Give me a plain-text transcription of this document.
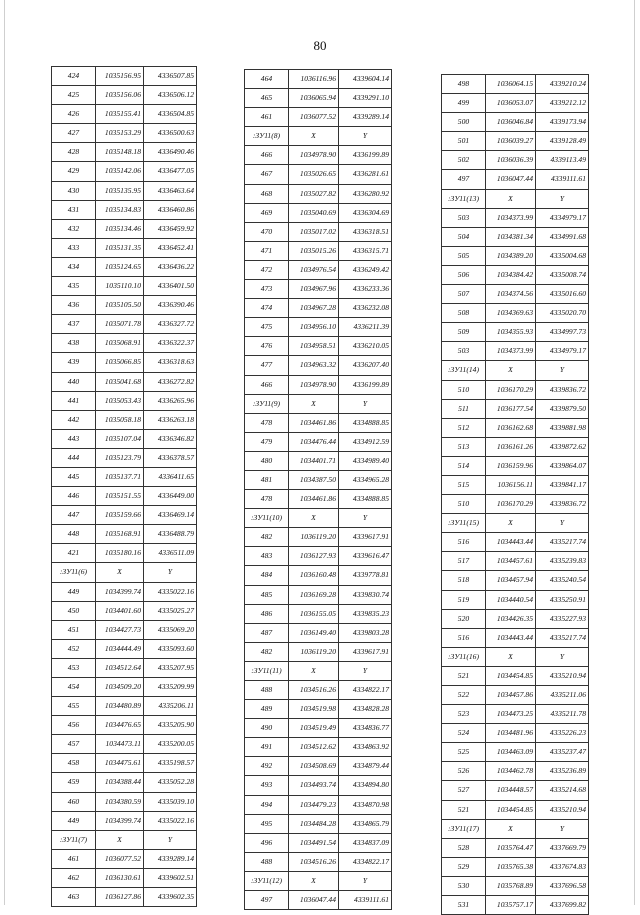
80
424	1035156.95	4336507.85
425	1035156.06	4336506.12
426	1035155.41	4336504.85
427	1035153.29	4336500.63
428	1035148.18	4336490.46
429	1035142.06	4336477.05
430	1035135.95	4336463.64
431	1035134.83	4336460.86
432	1035134.46	4336459.92
433	1035131.35	4336452.41
434	1035124.65	4336436.22
435	1035110.10	4336401.50
436	1035105.50	4336390.46
437	1035071.78	4336327.72
438	1035068.91	4336322.37
439	1035066.85	4336318.63
440	1035041.68	4336272.82
441	1035053.43	4336265.96
442	1035058.18	4336263.18
443	1035107.04	4336346.82
444	1035123.79	4336378.57
445	1035137.71	4336411.65
446	1035151.55	4336449.00
447	1035159.66	4336469.14
448	1035168.91	4336488.79
421	1035180.16	4336511.09
:ЗУ11(6)	X	Y
449	1034399.74	4335022.16
450	1034401.60	4335025.27
451	1034427.73	4335069.20
452	1034444.49	4335093.60
453	1034512.64	4335207.95
454	1034509.20	4335209.99
455	1034480.89	4335206.11
456	1034476.65	4335205.90
457	1034473.11	4335200.05
458	1034475.61	4335198.57
459	1034388.44	4335052.28
460	1034380.59	4335039.10
449	1034399.74	4335022.16
:ЗУ11(7)	X	Y
461	1036077.52	4339289.14
462	1036130.61	4339602.51
463	1036127.86	4339602.35
464	1036116.96	4339604.14
465	1036065.94	4339291.10
461	1036077.52	4339289.14
:ЗУ11(8)	X	Y
466	1034978.90	4336199.89
467	1035026.65	4336281.61
468	1035027.82	4336280.92
469	1035040.69	4336304.69
470	1035017.02	4336318.51
471	1035015.26	4336315.71
472	1034976.54	4336249.42
473	1034967.96	4336233.36
474	1034967.28	4336232.08
475	1034956.10	4336211.39
476	1034958.51	4336210.05
477	1034963.32	4336207.40
466	1034978.90	4336199.89
:ЗУ11(9)	X	Y
478	1034461.86	4334888.85
479	1034476.44	4334912.59
480	1034401.71	4334989.40
481	1034387.50	4334965.28
478	1034461.86	4334888.85
:ЗУ11(10)	X	Y
482	1036119.20	4339617.91
483	1036127.93	4339616.47
484	1036160.48	4339778.81
485	1036169.28	4339830.74
486	1036155.05	4339835.23
487	1036149.40	4339803.28
482	1036119.20	4339617.91
:ЗУ11(11)	X	Y
488	1034516.26	4334822.17
489	1034519.98	4334828.28
490	1034519.49	4334836.77
491	1034512.62	4334863.92
492	1034508.69	4334879.44
493	1034493.74	4334894.80
494	1034479.23	4334870.98
495	1034484.28	4334865.79
496	1034491.54	4334837.09
488	1034516.26	4334822.17
:ЗУ11(12)	X	Y
497	1036047.44	4339111.61
498	1036064.15	4339210.24
499	1036053.07	4339212.12
500	1036046.84	4339173.94
501	1036039.27	4339128.49
502	1036036.39	4339113.49
497	1036047.44	4339111.61
:ЗУ11(13)	X	Y
503	1034373.99	4334979.17
504	1034381.34	4334991.68
505	1034389.20	4335004.68
506	1034384.42	4335008.74
507	1034374.56	4335016.60
508	1034369.63	4335020.70
509	1034355.93	4334997.73
503	1034373.99	4334979.17
:ЗУ11(14)	X	Y
510	1036170.29	4339836.72
511	1036177.54	4339879.50
512	1036162.68	4339881.98
513	1036161.26	4339872.62
514	1036159.96	4339864.07
515	1036156.11	4339841.17
510	1036170.29	4339836.72
:ЗУ11(15)	X	Y
516	1034443.44	4335217.74
517	1034457.61	4335239.83
518	1034457.94	4335240.54
519	1034440.54	4335250.91
520	1034426.35	4335227.93
516	1034443.44	4335217.74
:ЗУ11(16)	X	Y
521	1034454.85	4335210.94
522	1034457.86	4335211.06
523	1034473.25	4335211.78
524	1034481.96	4335226.23
525	1034463.09	4335237.47
526	1034462.78	4335236.89
527	1034448.57	4335214.68
521	1034454.85	4335210.94
:ЗУ11(17)	X	Y
528	1035764.47	4337669.79
529	1035765.38	4337674.83
530	1035768.89	4337696.58
531	1035757.17	4337699.82
